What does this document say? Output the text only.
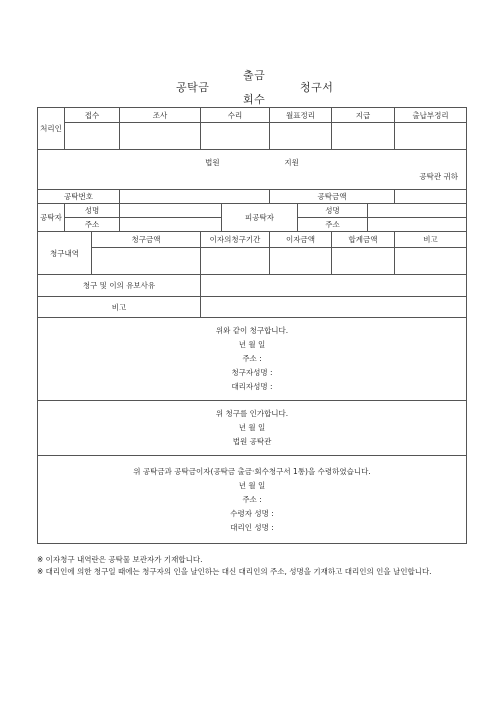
출금
공탁금	청구서
회수
처리인	접수		조사	수리		월표정리		지급		출납부정리

법원 지원
공탁관 귀하										

공탁번호						공탁금액				
공탁자	성명				피공탁자		성명			
	주소						주소			
청구내역		청구금액		이자의청구기간		이자금액		합계금액		비고

청구 및 이의 유보사유										
비고										

위와 같이 청구합니다.
년 월 일
주소 :
청구자성명 :
대리자성명 :										

위 청구를 인가합니다.
년 월 일
법원 공탁관										

위 공탁금과 공탁금이자(공탁금 출금·회수청구서 1통)을 수령하였습니다.
년 월 일
주소 :
수령자 성명 :
대리인 성명 :										
※ 이자청구 내역란은 공탁물 보관자가 기재합니다.
※ 대리인에 의한 청구일 때에는 청구자의 인을 날인하는 대신 대리인의 주소, 성명을 기재하고 대리인의 인을 날인합니다.
